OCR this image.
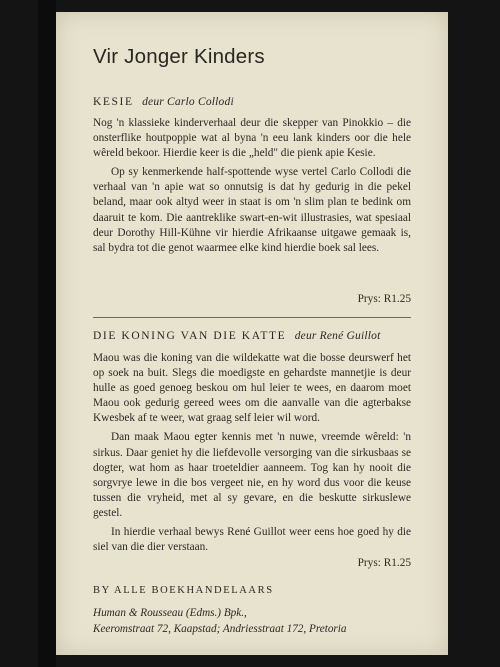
Vir Jonger Kinders
KESIE deur Carlo Collodi

Nog 'n klassieke kinderverhaal deur die skepper van Pinokkio – die onsterflike houtpoppie wat al byna 'n eeu lank kinders oor die hele wêreld bekoor. Hierdie keer is die „held" die pienk apie Kesie.

Op sy kenmerkende half-spottende wyse vertel Carlo Collodi die verhaal van 'n apie wat so onnutsig is dat hy gedurig in die pekel beland, maar ook altyd weer in staat is om 'n slim plan te bedink om daaruit te kom. Die aantreklike swart-en-wit illustrasies, wat spesiaal deur Dorothy Hill-Kühne vir hierdie Afrikaanse uitgawe gemaak is, sal bydra tot die genot waarmee elke kind hierdie boek sal lees.

Prys: R1.25
DIE KONING VAN DIE KATTE deur René Guillot

Maou was die koning van die wildekatte wat die bosse deurswerf het op soek na buit. Slegs die moedigste en gehardste mannetjie is deur hulle as goed genoeg beskou om hul leier te wees, en daarom moet Maou ook gedurig gereed wees om die aanvalle van die agterbakse Kwesbek af te weer, wat graag self leier wil word.

Dan maak Maou egter kennis met 'n nuwe, vreemde wêreld: 'n sirkus. Daar geniet hy die liefdevolle versorging van die sirkusbaas se dogter, wat hom as haar troeteldier aanneem. Tog kan hy nooit die sorgvrye lewe in die bos vergeet nie, en hy word dus voor die keuse tussen die vryheid, met al sy gevare, en die beskutte sirkuslewe gestel.

In hierdie verhaal bewys René Guillot weer eens hoe goed hy die siel van die dier verstaan.

Prys: R1.25
BY ALLE BOEKHANDELAARS
Human & Rousseau (Edms.) Bpk.,
Keeromstraat 72, Kaapstad; Andriesstraat 172, Pretoria
